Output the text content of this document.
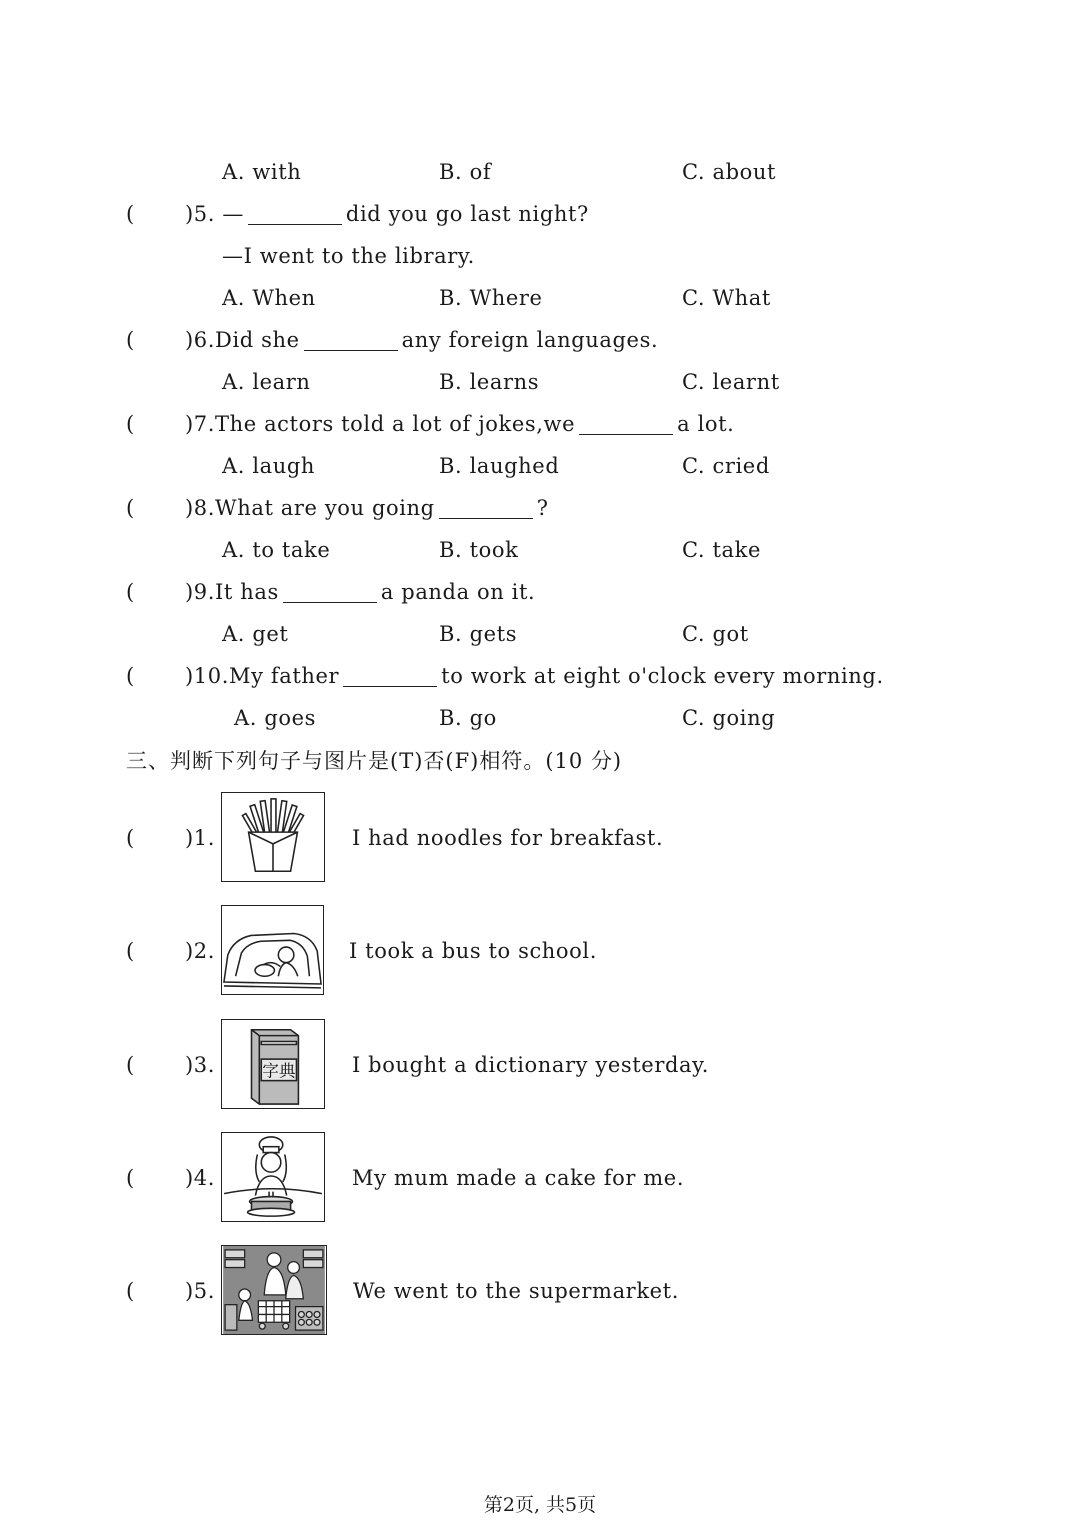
A. with	B. of	C. about
( )5. —	did you go last night?
—I went to the library.
A. When	B. Where	C. What
( )6.Did she	any foreign languages.
A. learn	B. learns	C. learnt
( )7.The actors told a lot of jokes,we	a lot.
A. laugh	B. laughed	C. cried
( )8.What are you going	?
A. to take	B. took	C. take
( )9.It has	a panda on it.
A. get	B. gets	C. got
( )10.My father	to work at eight o'clock every morning.
A. goes	B. go	C. going
三、判断下列句子与图片是(T)否(F)相符。(10 分)
( )1.	I had noodles for breakfast.
( )2.	I took a bus to school.
( )3.	字典	I bought a dictionary yesterday.
( )4.	My mum made a cake for me.
( )5.	We went to the supermarket.
第2页, 共5页
